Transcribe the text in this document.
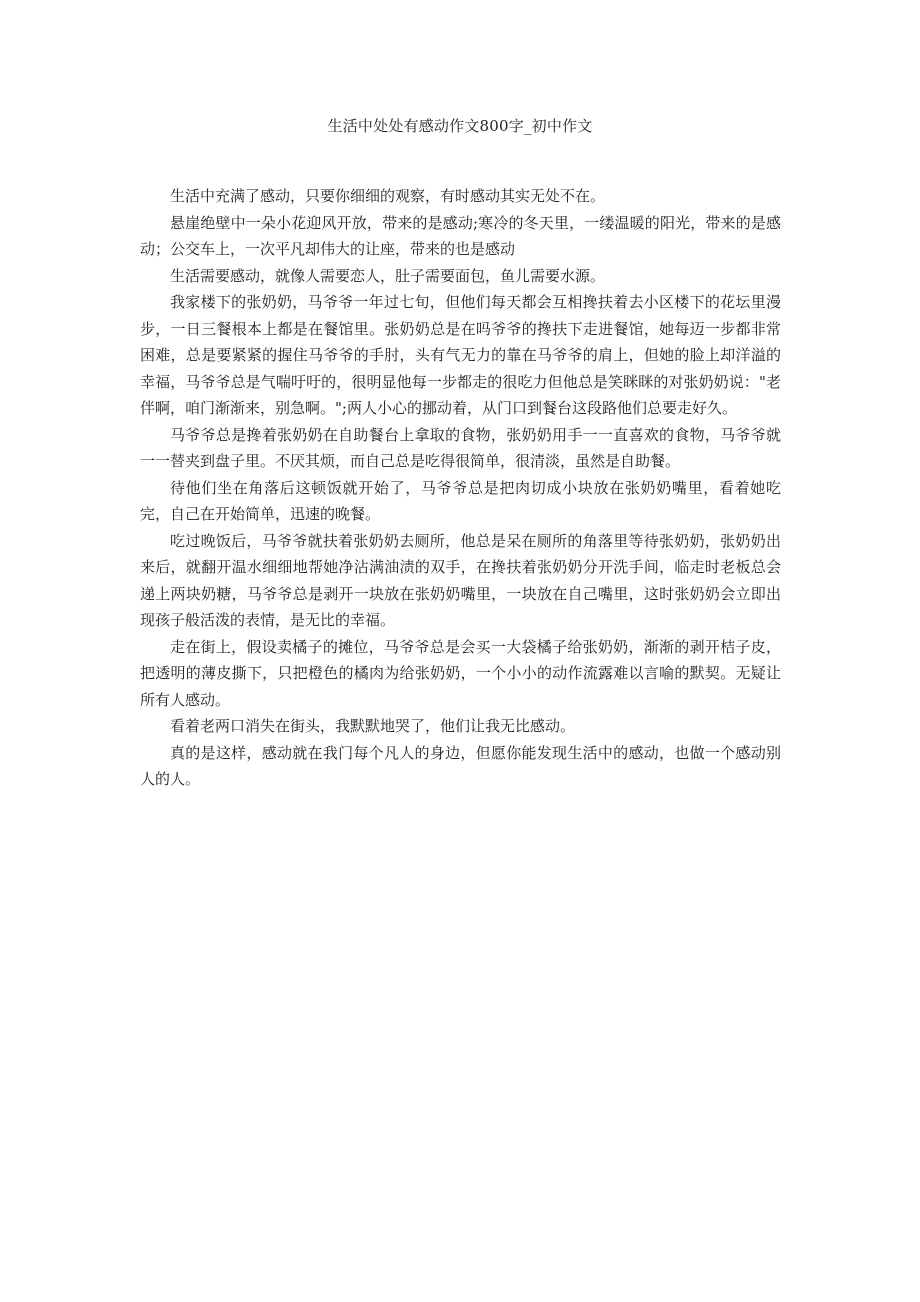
生活中处处有感动作文800字_初中作文

生活中充满了感动，只要你细细的观察，有时感动其实无处不在。

悬崖绝壁中一朵小花迎风开放，带来的是感动;寒冷的冬天里，一缕温暖的阳光，带来的是感动；公交车上，一次平凡却伟大的让座，带来的也是感动

生活需要感动，就像人需要恋人，肚子需要面包，鱼儿需要水源。

我家楼下的张奶奶，马爷爷一年过七旬，但他们每天都会互相搀扶着去小区楼下的花坛里漫步，一日三餐根本上都是在餐馆里。张奶奶总是在吗爷爷的搀扶下走进餐馆，她每迈一步都非常困难，总是要紧紧的握住马爷爷的手肘，头有气无力的靠在马爷爷的肩上，但她的脸上却洋溢的幸福，马爷爷总是气喘吁吁的，很明显他每一步都走的很吃力但他总是笑眯眯的对张奶奶说："老伴啊，咱门渐渐来，别急啊。";两人小心的挪动着，从门口到餐台这段路他们总要走好久。

马爷爷总是搀着张奶奶在自助餐台上拿取的食物，张奶奶用手一一直喜欢的食物，马爷爷就一一替夹到盘子里。不厌其烦，而自己总是吃得很简单，很清淡，虽然是自助餐。

待他们坐在角落后这顿饭就开始了，马爷爷总是把肉切成小块放在张奶奶嘴里，看着她吃完，自己在开始简单，迅速的晚餐。

吃过晚饭后，马爷爷就扶着张奶奶去厕所，他总是呆在厕所的角落里等待张奶奶，张奶奶出来后，就翻开温水细细地帮她净沾满油渍的双手，在搀扶着张奶奶分开洗手间，临走时老板总会递上两块奶糖，马爷爷总是剥开一块放在张奶奶嘴里，一块放在自己嘴里，这时张奶奶会立即出现孩子般活泼的表情，是无比的幸福。

走在街上，假设卖橘子的摊位，马爷爷总是会买一大袋橘子给张奶奶，渐渐的剥开桔子皮，把透明的薄皮撕下，只把橙色的橘肉为给张奶奶，一个小小的动作流露难以言喻的默契。无疑让所有人感动。

看着老两口消失在街头，我默默地哭了，他们让我无比感动。

真的是这样，感动就在我门每个凡人的身边，但愿你能发现生活中的感动，也做一个感动别人的人。
